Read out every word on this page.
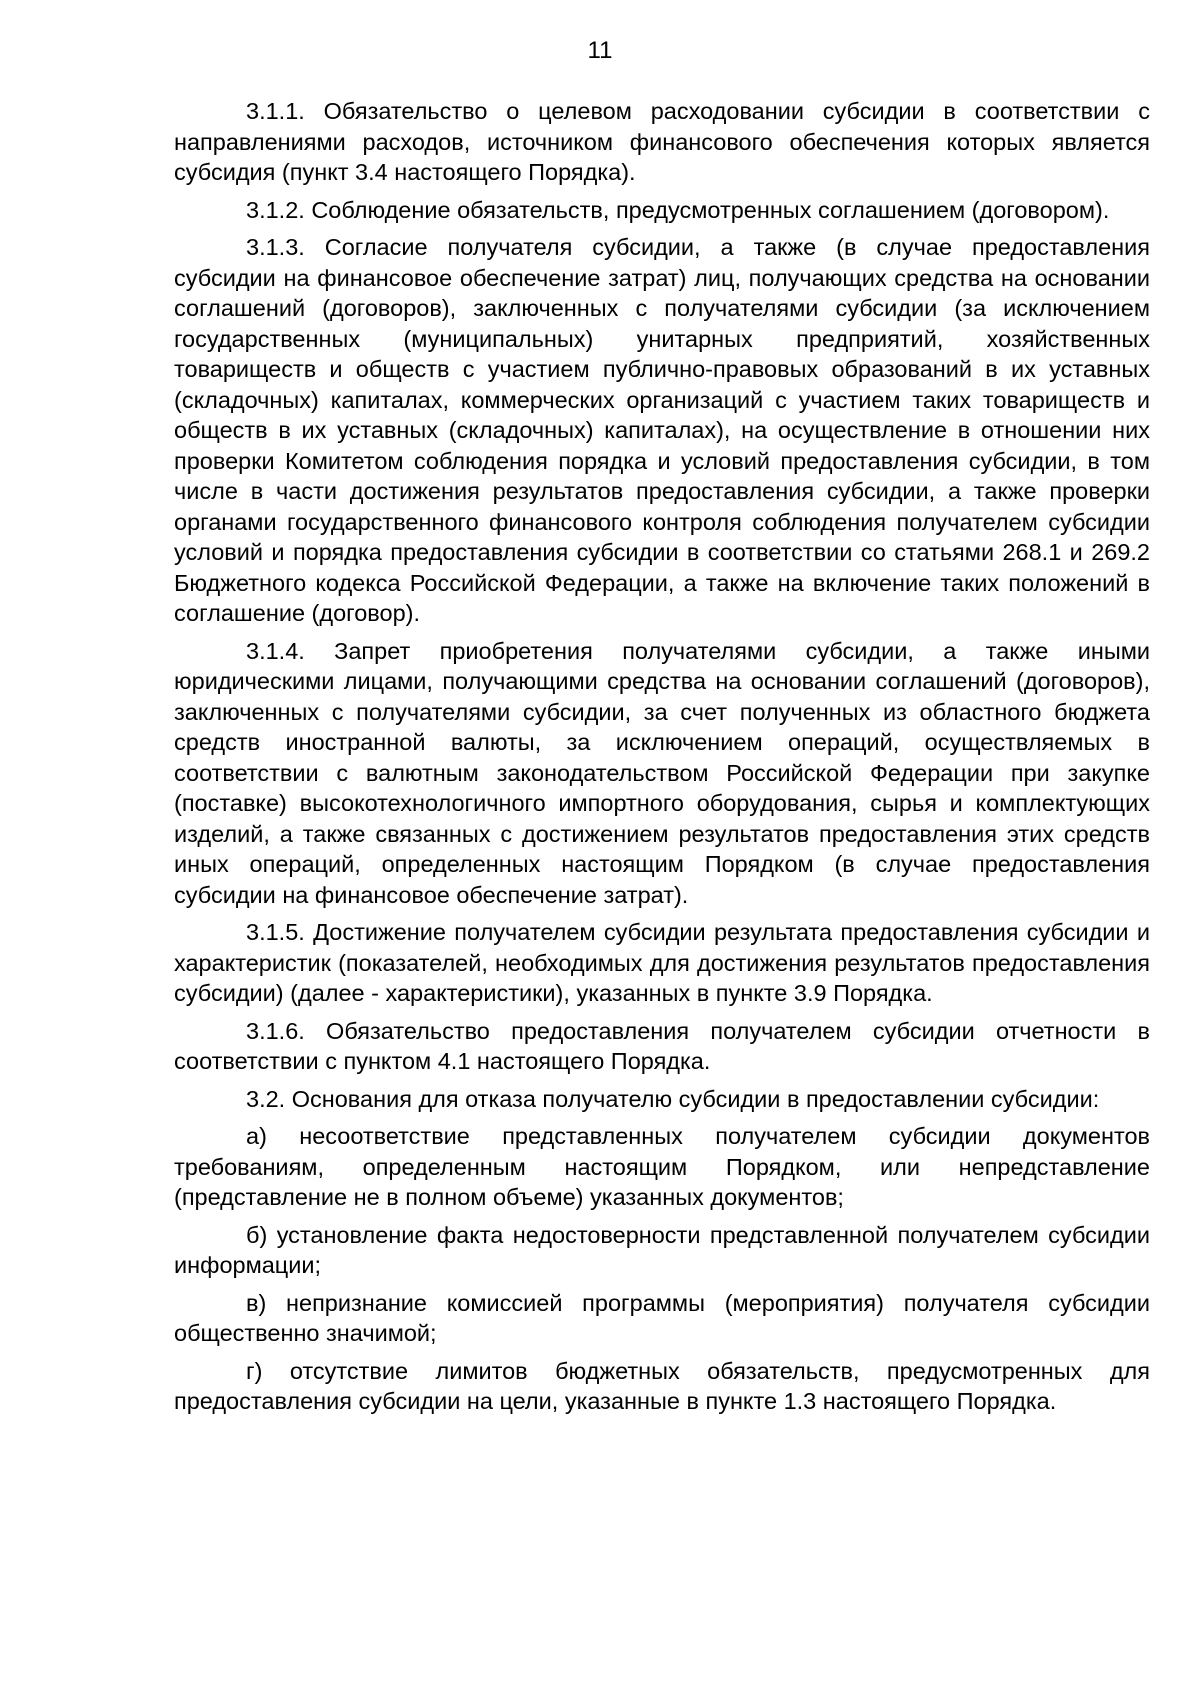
11

3.1.1. Обязательство о целевом расходовании субсидии в соответствии с направлениями расходов, источником финансового обеспечения которых является субсидия (пункт 3.4 настоящего Порядка).

3.1.2. Соблюдение обязательств, предусмотренных соглашением (договором).

3.1.3. Согласие получателя субсидии, а также (в случае предоставления субсидии на финансовое обеспечение затрат) лиц, получающих средства на основании соглашений (договоров), заключенных с получателями субсидии (за исключением государственных (муниципальных) унитарных предприятий, хозяйственных товариществ и обществ с участием публично-правовых образований в их уставных (складочных) капиталах, коммерческих организаций с участием таких товариществ и обществ в их уставных (складочных) капиталах), на осуществление в отношении них проверки Комитетом соблюдения порядка и условий предоставления субсидии, в том числе в части достижения результатов предоставления субсидии, а также проверки органами государственного финансового контроля соблюдения получателем субсидии условий и порядка предоставления субсидии в соответствии со статьями 268.1 и 269.2 Бюджетного кодекса Российской Федерации, а также на включение таких положений в соглашение (договор).

3.1.4. Запрет приобретения получателями субсидии, а также иными юридическими лицами, получающими средства на основании соглашений (договоров), заключенных с получателями субсидии, за счет полученных из областного бюджета средств иностранной валюты, за исключением операций, осуществляемых в соответствии с валютным законодательством Российской Федерации при закупке (поставке) высокотехнологичного импортного оборудования, сырья и комплектующих изделий, а также связанных с достижением результатов предоставления этих средств иных операций, определенных настоящим Порядком (в случае предоставления субсидии на финансовое обеспечение затрат).

3.1.5. Достижение получателем субсидии результата предоставления субсидии и характеристик (показателей, необходимых для достижения результатов предоставления субсидии) (далее - характеристики), указанных в пункте 3.9 Порядка.

3.1.6. Обязательство предоставления получателем субсидии отчетности в соответствии с пунктом 4.1 настоящего Порядка.

3.2. Основания для отказа получателю субсидии в предоставлении субсидии:

а) несоответствие представленных получателем субсидии документов требованиям, определенным настоящим Порядком, или непредставление (представление не в полном объеме) указанных документов;

б) установление факта недостоверности представленной получателем субсидии информации;

в) непризнание комиссией программы (мероприятия) получателя субсидии общественно значимой;

г) отсутствие лимитов бюджетных обязательств, предусмотренных для предоставления субсидии на цели, указанные в пункте 1.3 настоящего Порядка.
